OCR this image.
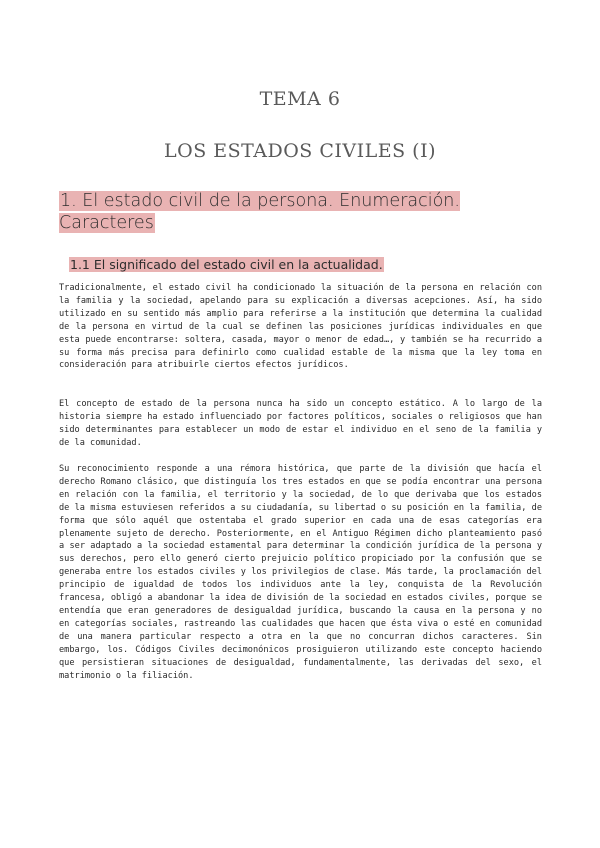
TEMA 6
LOS ESTADOS CIVILES (I)
1. El estado civil de la persona. Enumeración. Caracteres
1.1 El significado del estado civil en la actualidad.
Tradicionalmente, el estado civil ha condicionado la situación de la persona en relación con la familia y la sociedad, apelando para su explicación a diversas acepciones. Así, ha sido utilizado en su sentido más amplio para referirse a la institución que determina la cualidad de la persona en virtud de la cual se definen las posiciones jurídicas individuales en que esta puede encontrarse: soltera, casada, mayor o menor de edad…, y también se ha recurrido a su forma más precisa para definirlo como cualidad estable de la misma que la ley toma en consideración para atribuirle ciertos efectos jurídicos.
El concepto de estado de la persona nunca ha sido un concepto estático. A lo largo de la historia siempre ha estado influenciado por factores políticos, sociales o religiosos que han sido determinantes para establecer un modo de estar el individuo en el seno de la familia y de la comunidad.
Su reconocimiento responde a una rémora histórica, que parte de la división que hacía el derecho Romano clásico, que distinguía los tres estados en que se podía encontrar una persona en relación con la familia, el territorio y la sociedad, de lo que derivaba que los estados de la misma estuviesen referidos a su ciudadanía, su libertad o su posición en la familia, de forma que sólo aquél que ostentaba el grado superior en cada una de esas categorías era plenamente sujeto de derecho. Posteriormente, en el Antiguo Régimen dicho planteamiento pasó a ser adaptado a la sociedad estamental para determinar la condición jurídica de la persona y sus derechos, pero ello generó cierto prejuicio político propiciado por la confusión que se generaba entre los estados civiles y los privilegios de clase. Más tarde, la proclamación del principio de igualdad de todos los individuos ante la ley, conquista de la Revolución francesa, obligó a abandonar la idea de división de la sociedad en estados civiles, porque se entendía que eran generadores de desigualdad jurídica, buscando la causa en la persona y no en categorías sociales, rastreando las cualidades que hacen que ésta viva o esté en comunidad de una manera particular respecto a otra en la que no concurran dichos caracteres. Sin embargo, los. Códigos Civiles decimonónicos prosiguieron utilizando este concepto haciendo que persistieran situaciones de desigualdad, fundamentalmente, las derivadas del sexo, el matrimonio o la filiación.
